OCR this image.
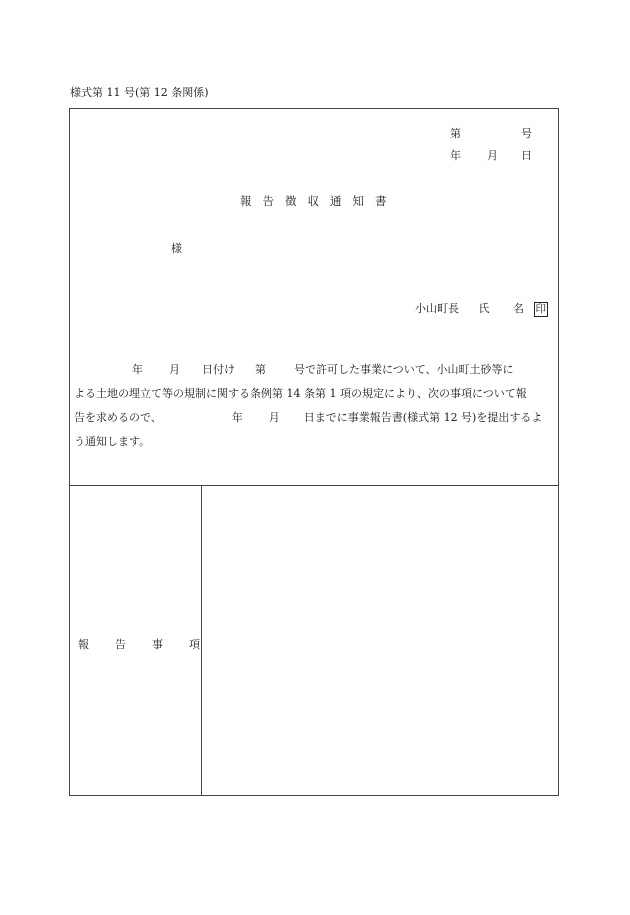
様式第 11 号(第 12 条関係)
第	号
年 月 日
報告徴収通知書
様
小山町長 氏 名 印
年 月 日付け 第	号で許可した事業について、小山町土砂等に
よる土地の埋立て等の規制に関する条例第 14 条第 1 項の規定により、次の事項について報
告を求めるので、	年 月 日までに事業報告書(様式第 12 号)を提出するよ
う通知します。
報告事項
